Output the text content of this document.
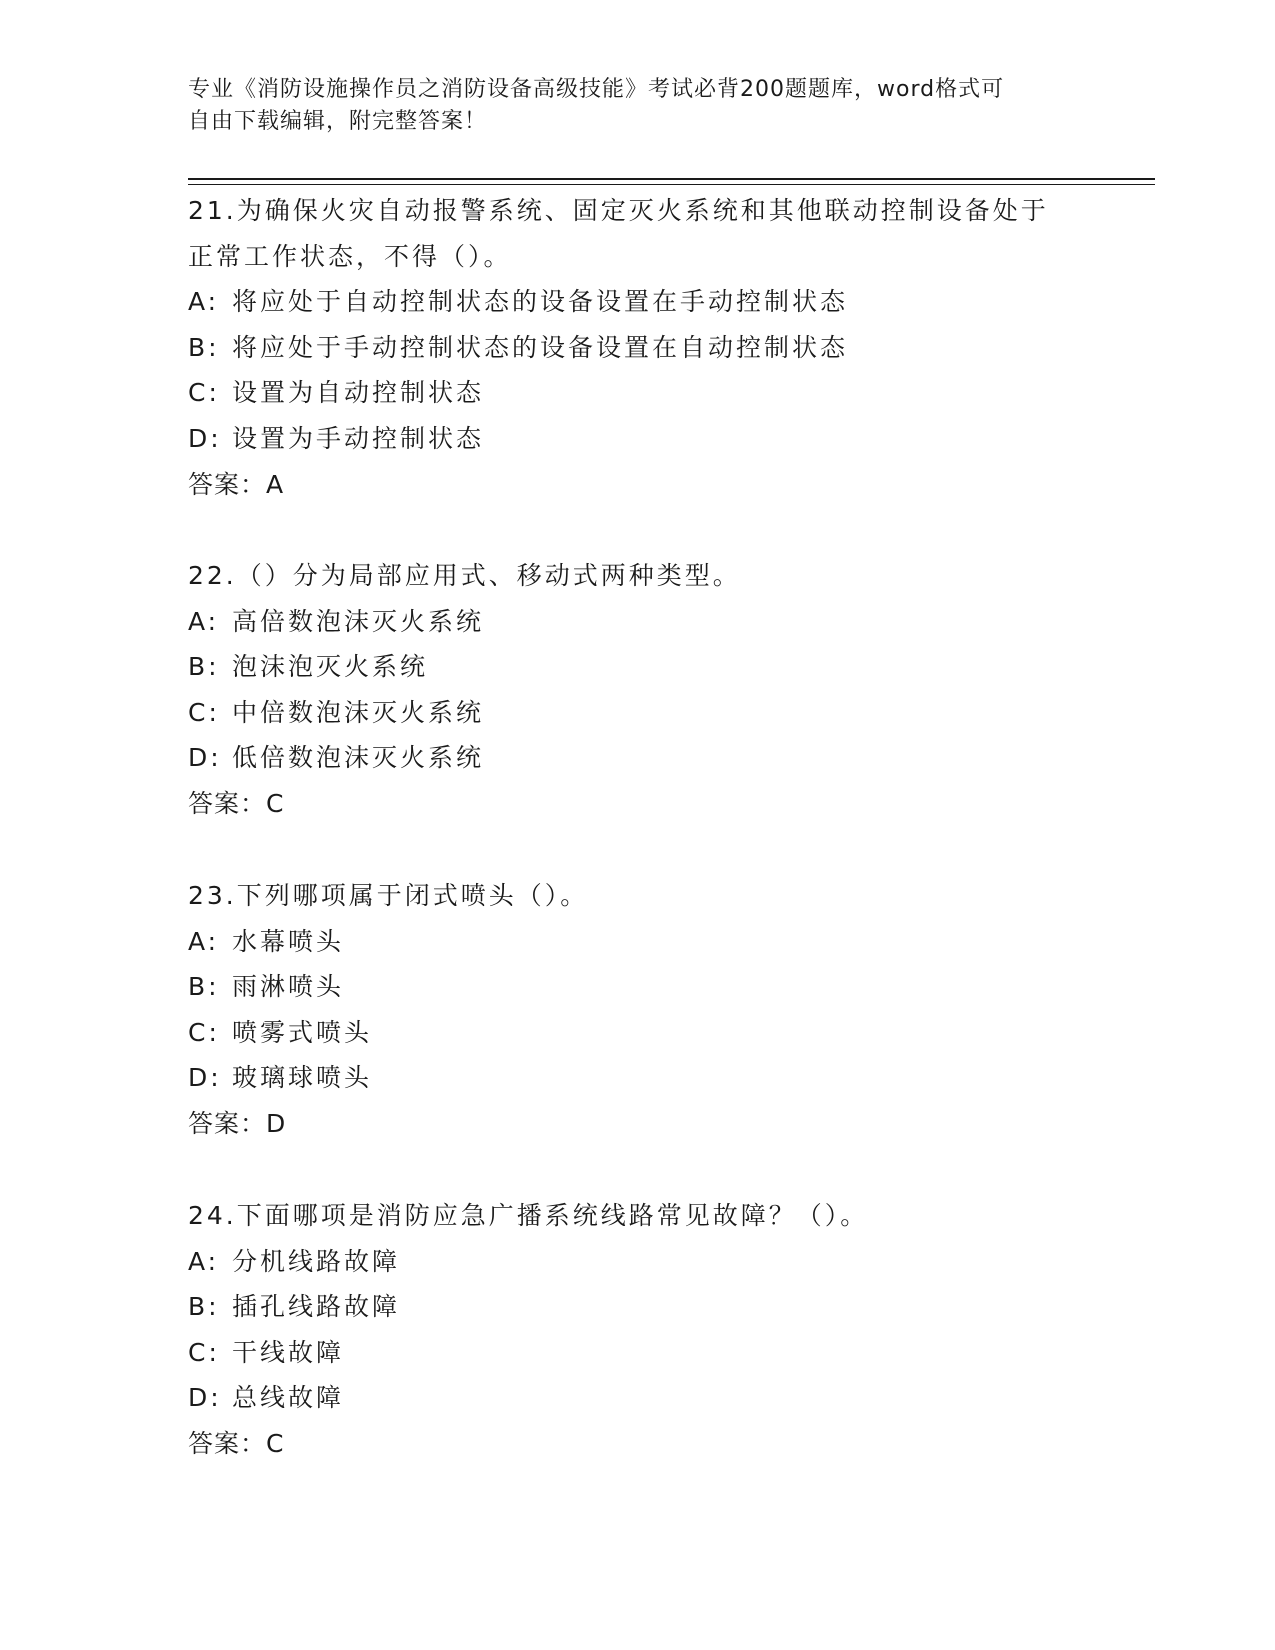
专业《消防设施操作员之消防设备高级技能》考试必背200题题库，word格式可
自由下载编辑，附完整答案！
21.为确保火灾自动报警系统、固定灭火系统和其他联动控制设备处于
正常工作状态，不得（）。
A: 将应处于自动控制状态的设备设置在手动控制状态
B: 将应处于手动控制状态的设备设置在自动控制状态
C: 设置为自动控制状态
D: 设置为手动控制状态
答案：A
22.（）分为局部应用式、移动式两种类型。
A: 高倍数泡沫灭火系统
B: 泡沫泡灭火系统
C: 中倍数泡沫灭火系统
D: 低倍数泡沫灭火系统
答案：C
23.下列哪项属于闭式喷头（）。
A: 水幕喷头
B: 雨淋喷头
C: 喷雾式喷头
D: 玻璃球喷头
答案：D
24.下面哪项是消防应急广播系统线路常见故障？（）。
A: 分机线路故障
B: 插孔线路故障
C: 干线故障
D: 总线故障
答案：C
